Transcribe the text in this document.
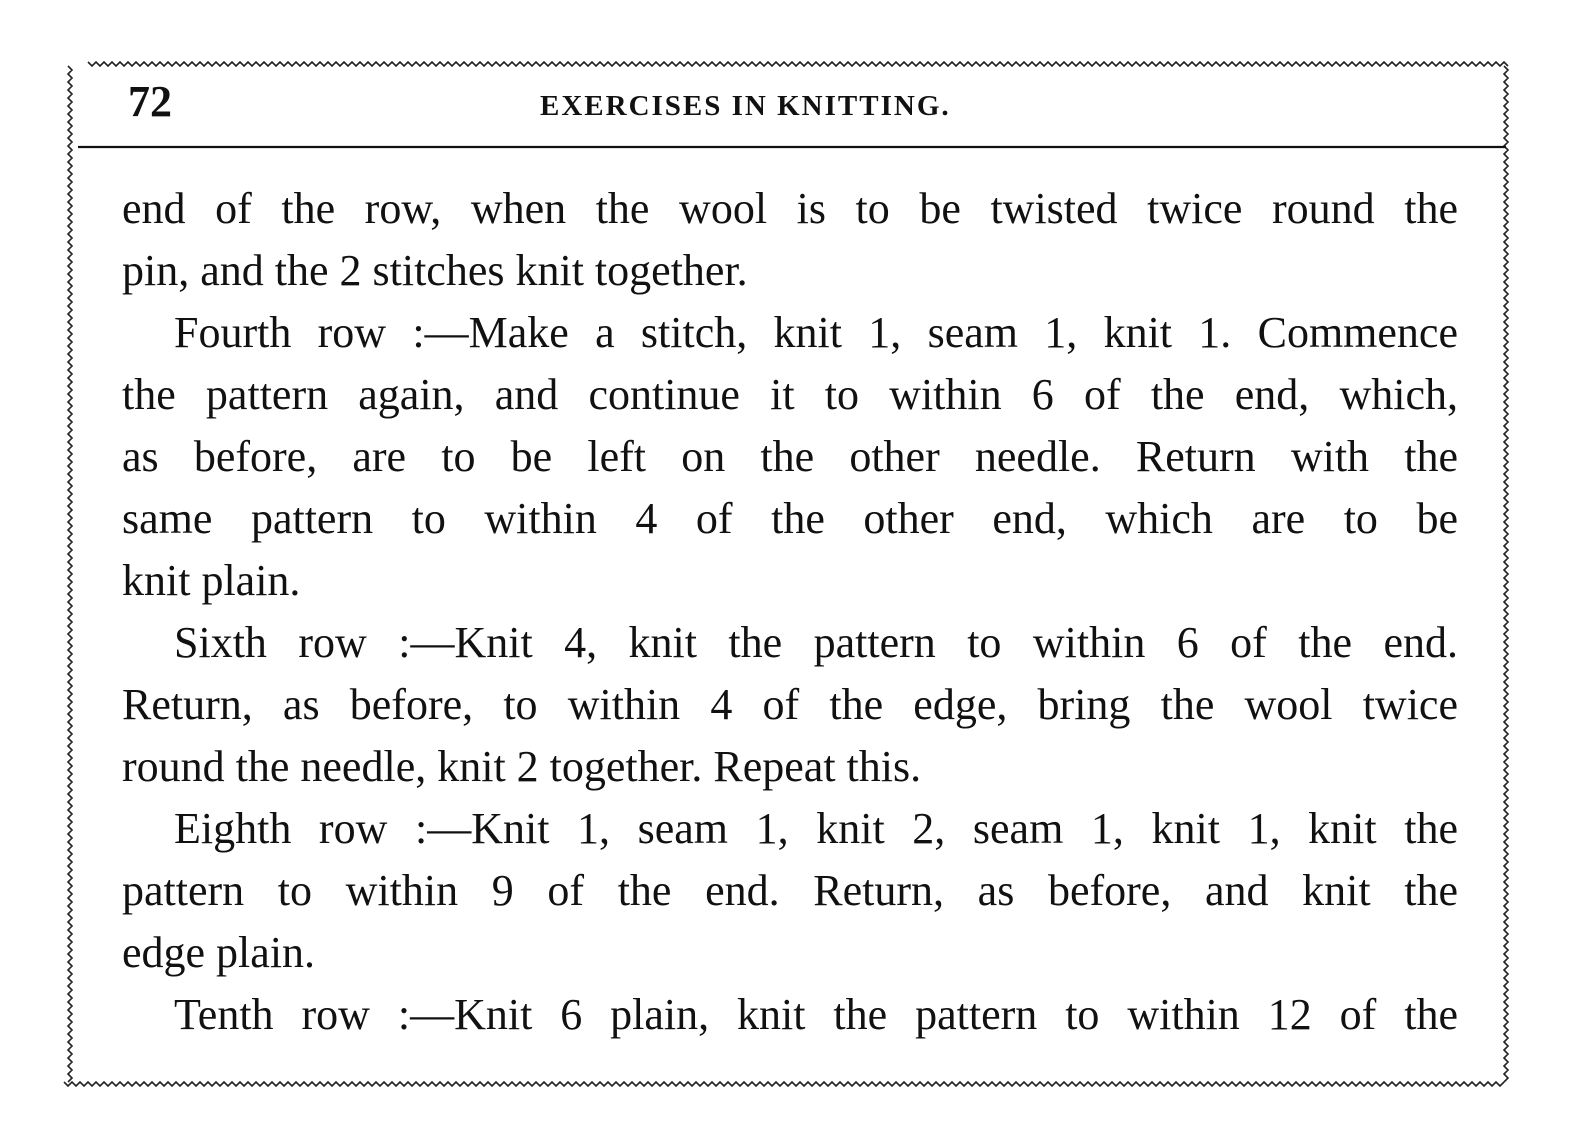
72	EXERCISES IN KNITTING.
end of the row, when the wool is to be twisted twice round the
pin, and the 2 stitches knit together.
Fourth row :—Make a stitch, knit 1, seam 1, knit 1. Commence
the pattern again, and continue it to within 6 of the end, which,
as before, are to be left on the other needle. Return with the
same pattern to within 4 of the other end, which are to be
knit plain.
Sixth row :—Knit 4, knit the pattern to within 6 of the end.
Return, as before, to within 4 of the edge, bring the wool twice
round the needle, knit 2 together. Repeat this.
Eighth row :—Knit 1, seam 1, knit 2, seam 1, knit 1, knit the
pattern to within 9 of the end. Return, as before, and knit the
edge plain.
Tenth row :—Knit 6 plain, knit the pattern to within 12 of the
